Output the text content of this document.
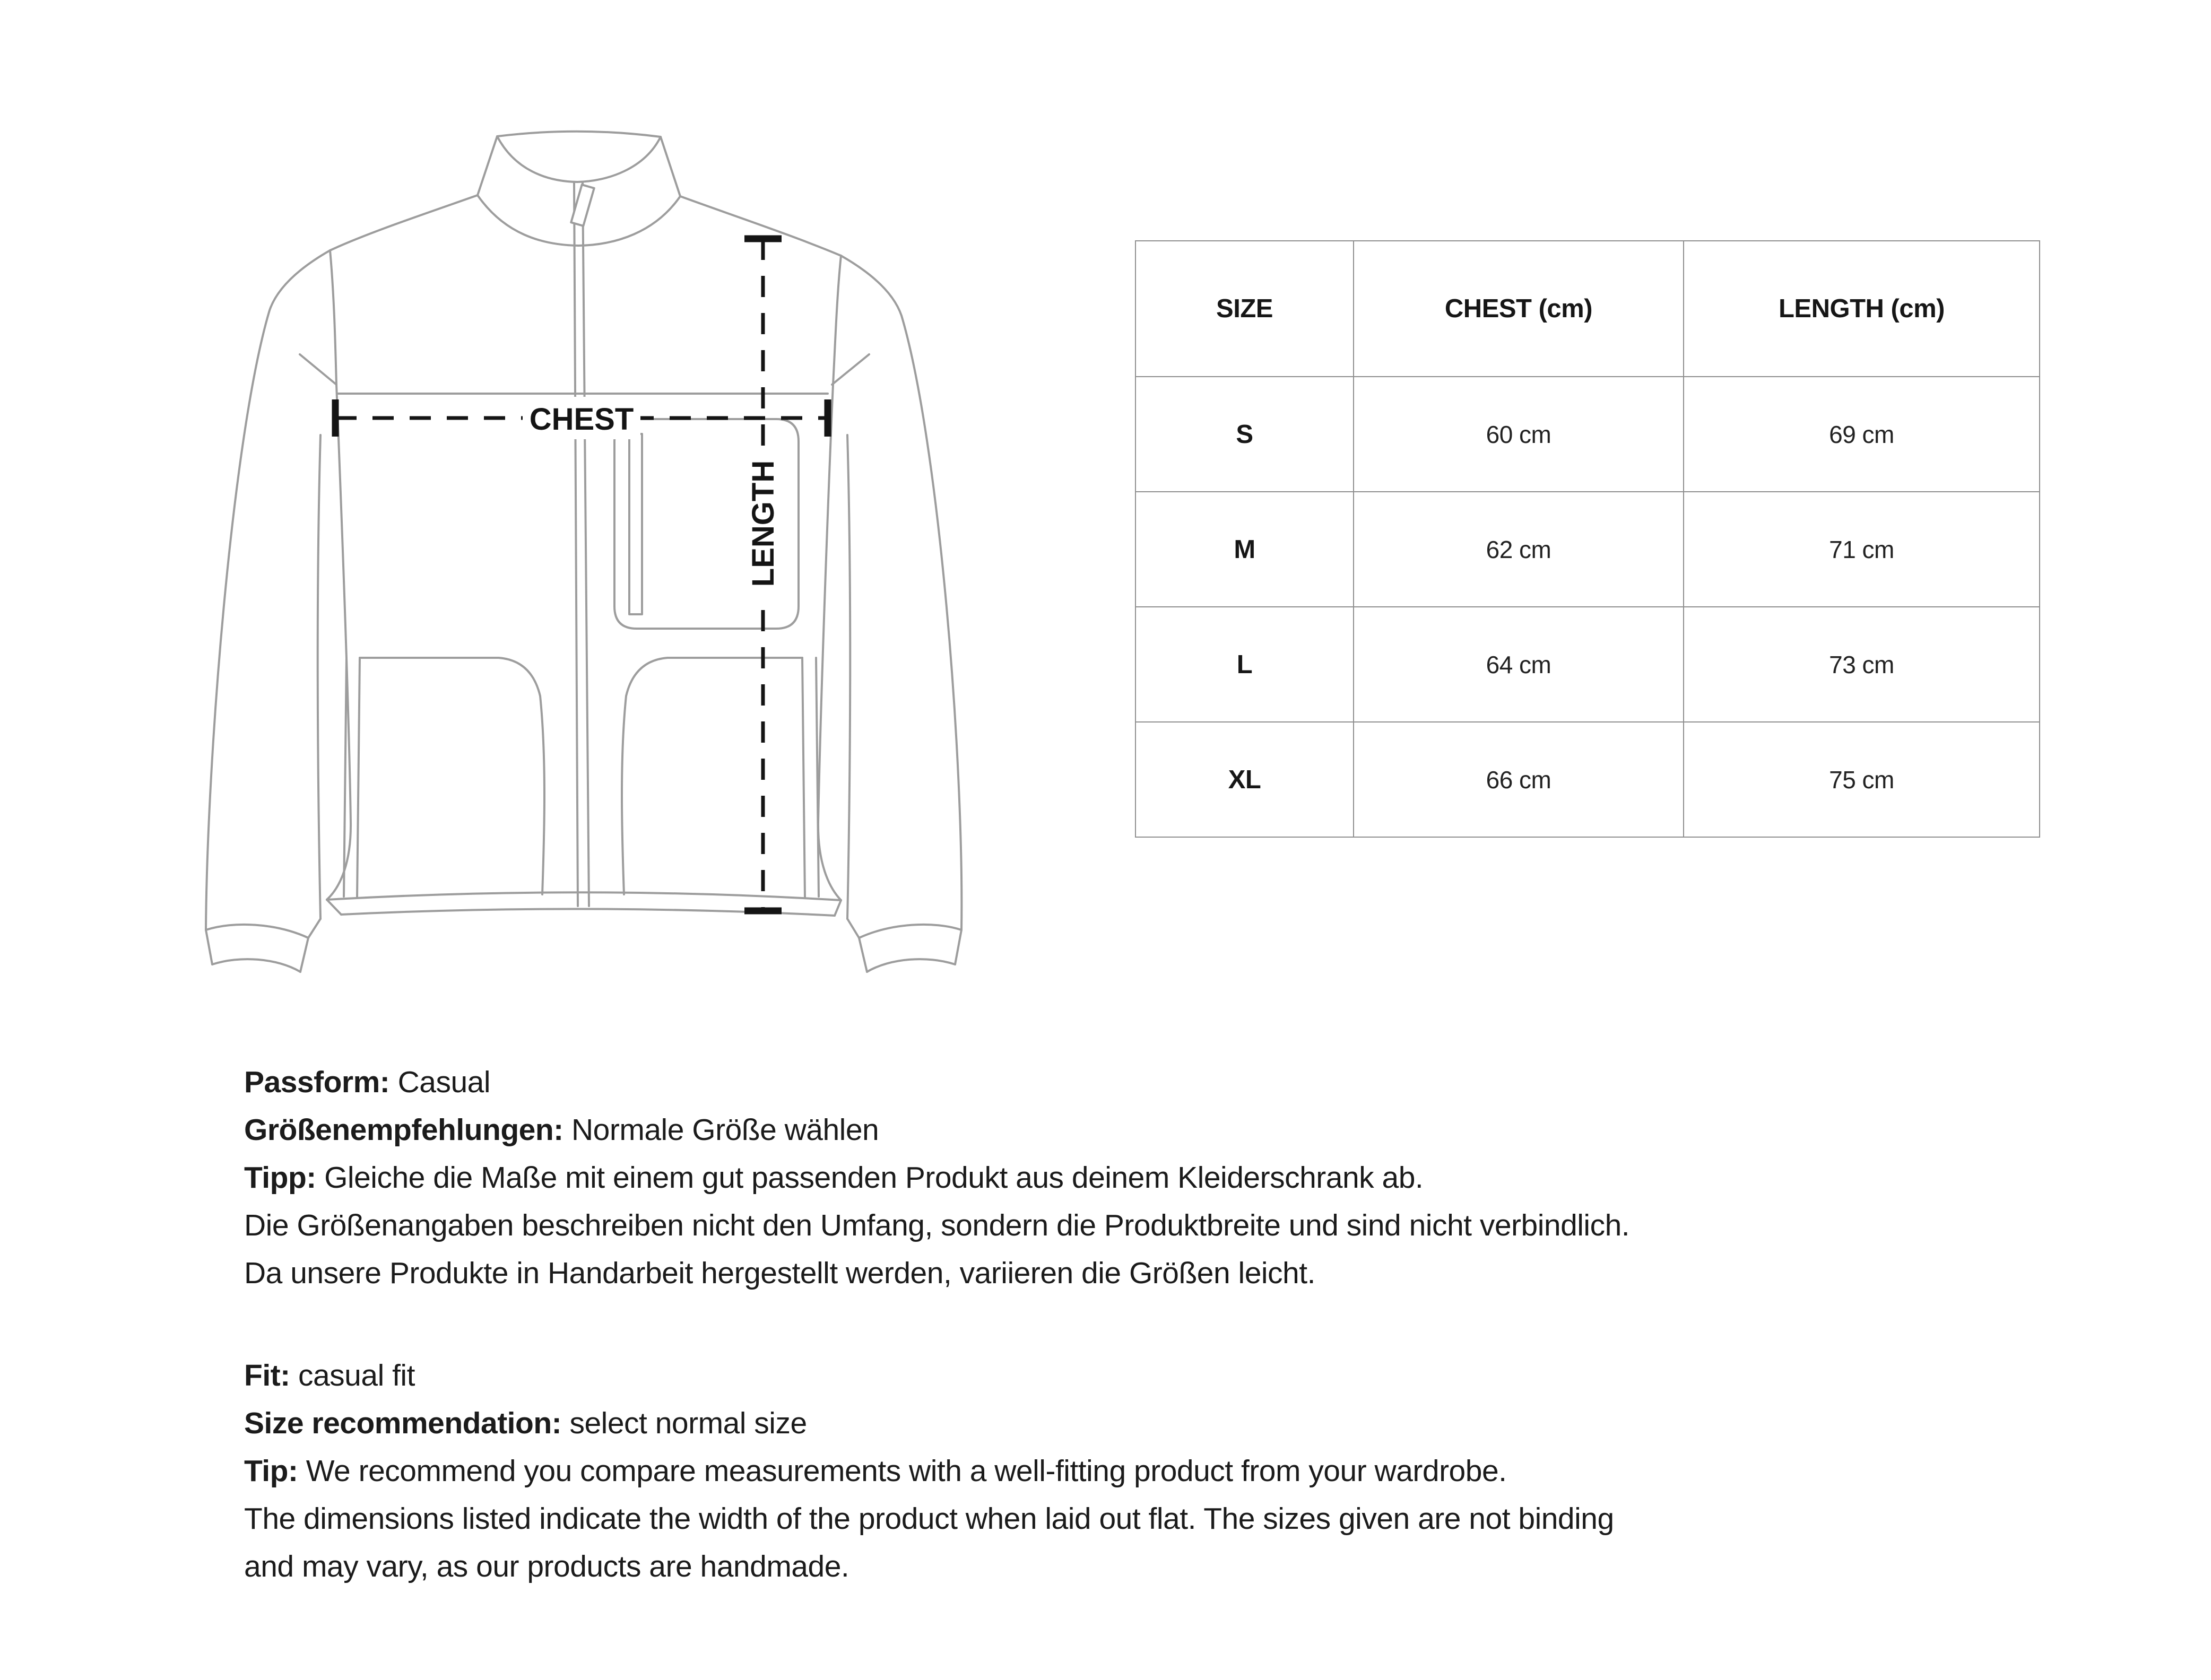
CHEST
LENGTH
SIZE	CHEST (cm)	LENGTH (cm)
S	60 cm	69 cm
M	62 cm	71 cm
L	64 cm	73 cm
XL	66 cm	75 cm
Passform: Casual
Größenempfehlungen: Normale Größe wählen
Tipp: Gleiche die Maße mit einem gut passenden Produkt aus deinem Kleiderschrank ab.
Die Größenangaben beschreiben nicht den Umfang, sondern die Produktbreite und sind nicht verbindlich.
Da unsere Produkte in Handarbeit hergestellt werden, variieren die Größen leicht.
Fit: casual fit
Size recommendation: select normal size
Tip: We recommend you compare measurements with a well-fitting product from your wardrobe.
The dimensions listed indicate the width of the product when laid out flat. The sizes given are not binding
and may vary, as our products are handmade.
